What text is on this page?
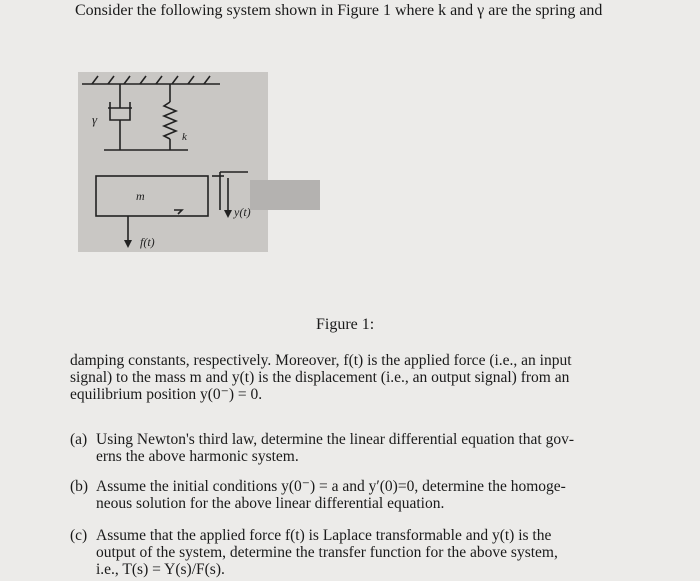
Consider the following system shown in Figure 1 where k and γ are the spring and
γ
k
m
y(t)
f(t)
Figure 1:
damping constants, respectively. Moreover, f(t) is the applied force (i.e., an input
signal) to the mass m and y(t) is the displacement (i.e., an output signal) from an
equilibrium position y(0⁻) = 0.
(a) Using Newton's third law, determine the linear differential equation that gov-
erns the above harmonic system.
(b) Assume the initial conditions y(0⁻) = a and y′(0)=0, determine the homoge-
neous solution for the above linear differential equation.
(c) Assume that the applied force f(t) is Laplace transformable and y(t) is the
output of the system, determine the transfer function for the above system,
i.e., T(s) = Y(s)/F(s).
